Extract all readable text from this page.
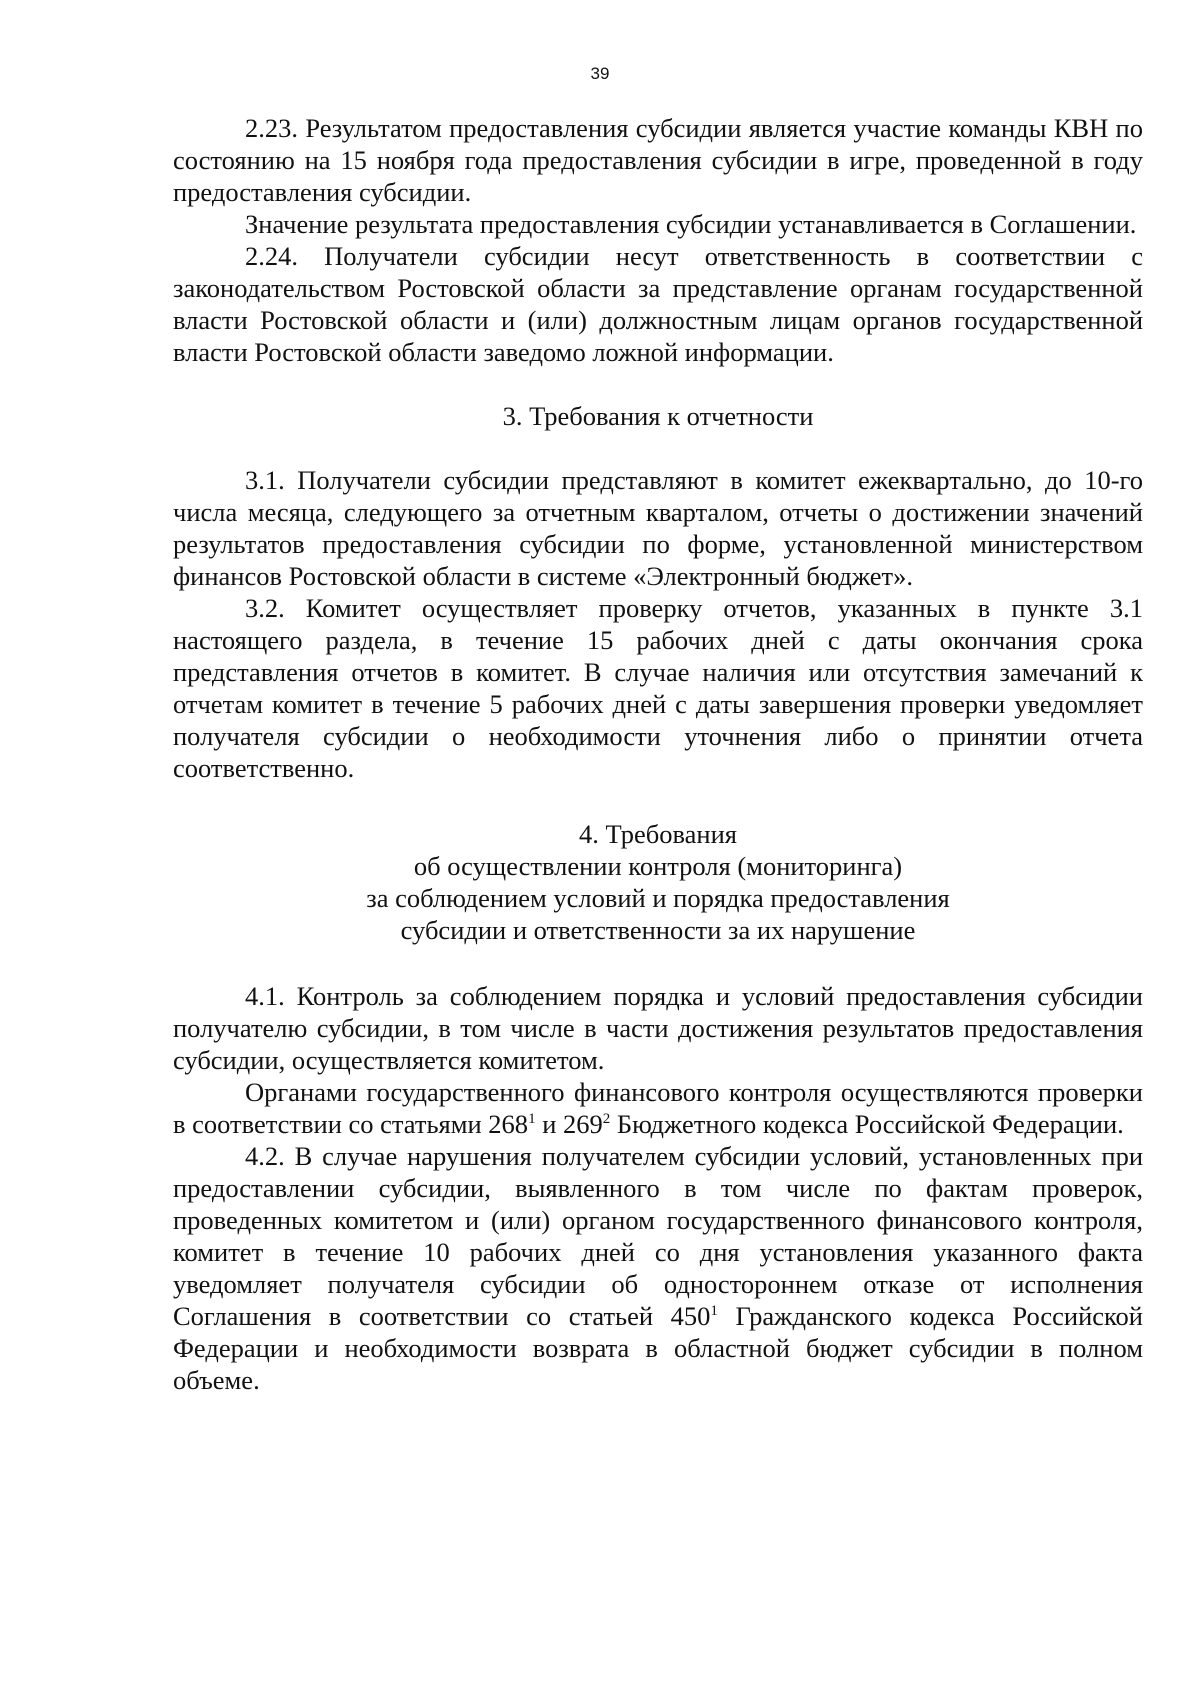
39

2.23. Результатом предоставления субсидии является участие команды КВН по состоянию на 15 ноября года предоставления субсидии в игре, проведенной в году предоставления субсидии.

Значение результата предоставления субсидии устанавливается в Соглашении.

2.24. Получатели субсидии несут ответственность в соответствии с законодательством Ростовской области за представление органам государственной власти Ростовской области и (или) должностным лицам органов государственной власти Ростовской области заведомо ложной информации.

3. Требования к отчетности

3.1. Получатели субсидии представляют в комитет ежеквартально, до 10-го числа месяца, следующего за отчетным кварталом, отчеты о достижении значений результатов предоставления субсидии по форме, установленной министерством финансов Ростовской области в системе «Электронный бюджет».

3.2. Комитет осуществляет проверку отчетов, указанных в пункте 3.1 настоящего раздела, в течение 15 рабочих дней с даты окончания срока представления отчетов в комитет. В случае наличия или отсутствия замечаний к отчетам комитет в течение 5 рабочих дней с даты завершения проверки уведомляет получателя субсидии о необходимости уточнения либо о принятии отчета соответственно.

4. Требования

об осуществлении контроля (мониторинга)

за соблюдением условий и порядка предоставления

субсидии и ответственности за их нарушение

4.1. Контроль за соблюдением порядка и условий предоставления субсидии получателю субсидии, в том числе в части достижения результатов предоставления субсидии, осуществляется комитетом.

Органами государственного финансового контроля осуществляются проверки в соответствии со статьями $268^1$ и $269^2$ Бюджетного кодекса Российской Федерации.

4.2. В случае нарушения получателем субсидии условий, установленных при предоставлении субсидии, выявленного в том числе по фактам проверок, проведенных комитетом и (или) органом государственного финансового контроля, комитет в течение 10 рабочих дней со дня установления указанного факта уведомляет получателя субсидии об одностороннем отказе от исполнения Соглашения в соответствии со статьей $450^1$ Гражданского кодекса Российской Федерации и необходимости возврата в областной бюджет субсидии в полном объеме.
